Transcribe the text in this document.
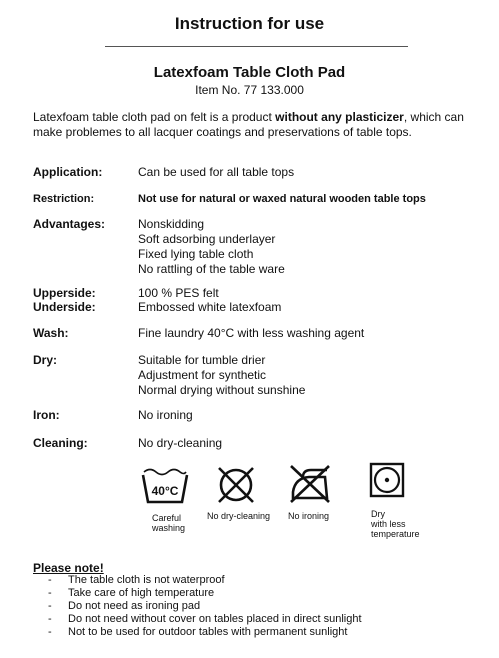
Instruction for use
Latexfoam Table Cloth Pad
Item No. 77 133.000
Latexfoam table cloth pad on felt is a product without any plasticizer, which can make problemes to all lacquer coatings and preservations of table tops.
Application:	Can be used for all table tops
Restriction:	Not use for natural or waxed natural wooden table tops
Advantages:	Nonskidding
Soft adsorbing underlayer
Fixed lying table cloth
No rattling of the table ware
Upperside:	100 % PES felt
Underside:	Embossed white latexfoam
Wash:	Fine laundry 40°C with less washing agent
Dry:	Suitable for tumble drier
Adjustment for synthetic
Normal drying without sunshine
Iron:	No ironing
Cleaning:	No dry-cleaning
40°C
Careful
washing
No dry-cleaning No ironing	Dry
with less
temperature
Please note!
- The table cloth is not waterproof
- Take care of high temperature
- Do not need as ironing pad
- Do not need without cover on tables placed in direct sunlight
- Not to be used for outdoor tables with permanent sunlight
